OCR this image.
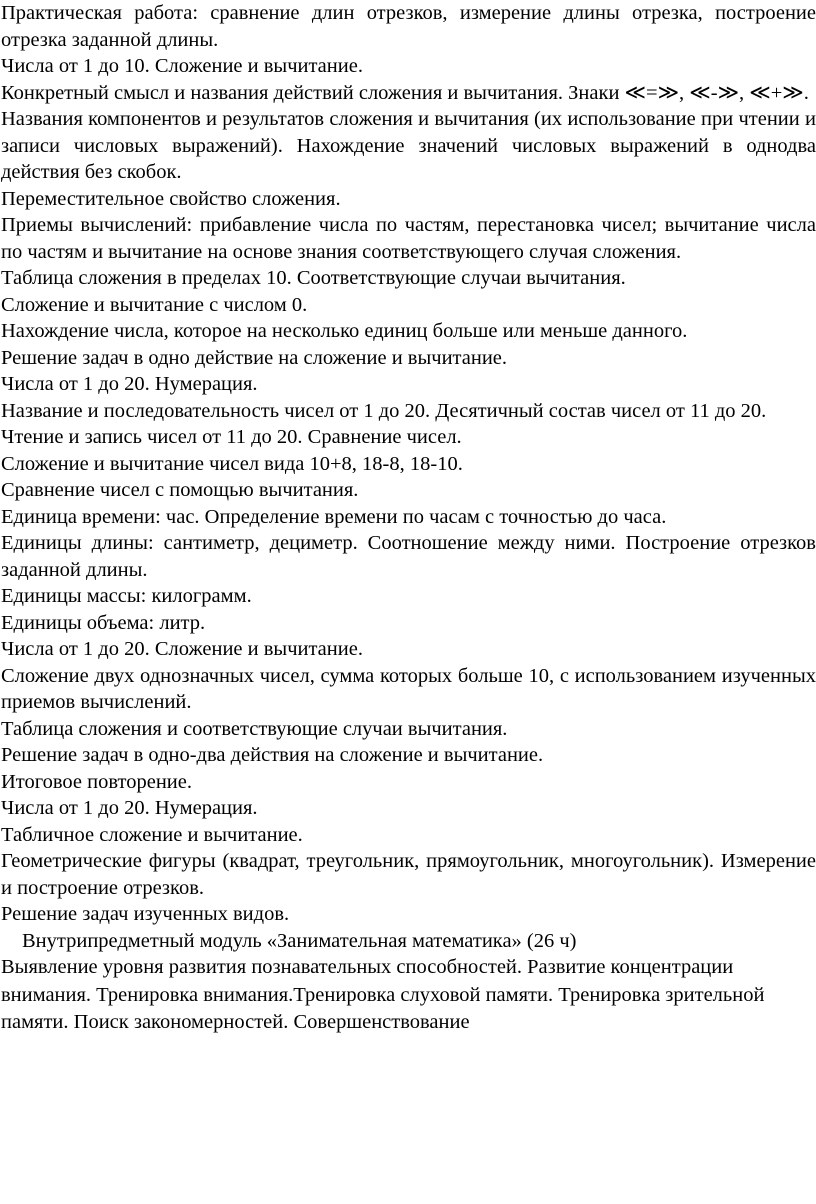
Практическая работа: сравнение длин отрезков, измерение длины отрезка, построение отрезка заданной длины.

Числа от 1 до 10. Сложение и вычитание.

Конкретный смысл и названия действий сложения и вычитания. Знаки ≪=≫, ≪-≫, ≪+≫.

Названия компонентов и результатов сложения и вычитания (их использование при чтении и записи числовых выражений). Нахождение значений числовых выражений в однодва действия без скобок.

Переместительное свойство сложения.

Приемы вычислений: прибавление числа по частям, перестановка чисел; вычитание числа по частям и вычитание на основе знания соответствующего случая сложения.

Таблица сложения в пределах 10. Соответствующие случаи вычитания.

Сложение и вычитание с числом 0.

Нахождение числа, которое на несколько единиц больше или меньше данного.

Решение задач в одно действие на сложение и вычитание.

Числа от 1 до 20. Нумерация.

Название и последовательность чисел от 1 до 20. Десятичный состав чисел от 11 до 20.

Чтение и запись чисел от 11 до 20. Сравнение чисел.

Сложение и вычитание чисел вида 10+8, 18-8, 18-10.

Сравнение чисел с помощью вычитания.

Единица времени: час. Определение времени по часам с точностью до часа.

Единицы длины: сантиметр, дециметр. Соотношение между ними. Построение отрезков заданной длины.

Единицы массы: килограмм.

Единицы объема: литр.

Числа от 1 до 20. Сложение и вычитание.

Сложение двух однозначных чисел, сумма которых больше 10, с использованием изученных приемов вычислений.

Таблица сложения и соответствующие случаи вычитания.

Решение задач в одно-два действия на сложение и вычитание.

Итоговое повторение.

Числа от 1 до 20. Нумерация.

Табличное сложение и вычитание.

Геометрические фигуры (квадрат, треугольник, прямоугольник, многоугольник). Измерение и построение отрезков.

Решение задач изученных видов.

Внутрипредметный модуль «Занимательная математика» (26 ч)

Выявление уровня развития познавательных способностей. Развитие концентрации внимания. Тренировка внимания.Тренировка слуховой памяти. Тренировка зрительной памяти. Поиск закономерностей. Совершенствование
